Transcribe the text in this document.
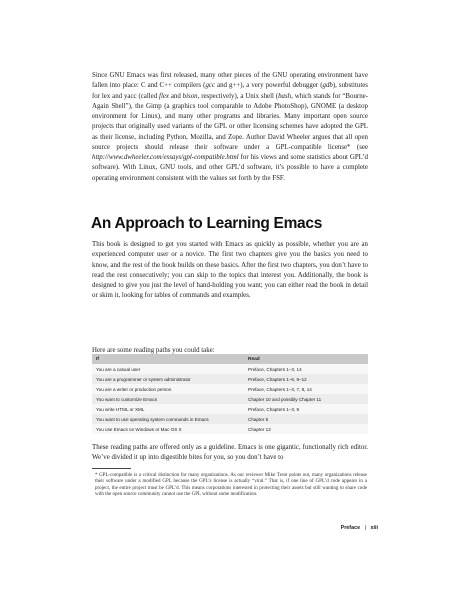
Since GNU Emacs was first released, many other pieces of the GNU operating environment have fallen into place: C and C++ compilers (gcc and g++), a very powerful debugger (gdb), substitutes for lex and yacc (called flex and bison, respectively), a Unix shell (bash, which stands for “Bourne-Again Shell”), the Gimp (a graphics tool comparable to Adobe PhotoShop), GNOME (a desktop environment for Linux), and many other programs and libraries. Many important open source projects that originally used variants of the GPL or other licensing schemes have adopted the GPL as their license, including Python, Mozilla, and Zope. Author David Wheeler argues that all open source projects should release their software under a GPL-compatible license* (see http://www.dwheeler.com/essays/gpl-compatible.html for his views and some statistics about GPL’d software). With Linux, GNU tools, and other GPL’d software, it’s possible to have a complete operating environment consistent with the values set forth by the FSF.

An Approach to Learning Emacs

This book is designed to get you started with Emacs as quickly as possible, whether you are an experienced computer user or a novice. The first two chapters give you the basics you need to know, and the rest of the book builds on these basics. After the first two chapters, you don’t have to read the rest consecutively; you can skip to the topics that interest you. Additionally, the book is designed to give you just the level of hand-holding you want; you can either read the book in detail or skim it, looking for tables of commands and examples.

Here are some reading paths you could take:

If	Read
You are a casual user	Preface, Chapters 1–3, 14
You are a programmer or system administrator	Preface, Chapters 1–5, 9–12
You are a writer or production person	Preface, Chapters 1–3, 7, 8, 14
You want to customize Emacs	Chapter 10 and possibly Chapter 11
You write HTML or XML	Preface, Chapters 1–3, 9
You want to use operating system commands in Emacs	Chapter 5
You use Emacs on Windows or Mac OS X	Chapter 13

These reading paths are offered only as a guideline. Emacs is one gigantic, functionally rich editor. We’ve divided it up into digestible bites for you, so you don’t have to

* GPL-compatible is a critical distinction for many organizations. As our reviewer Mike Trent points out, many organizations release their software under a modified GPL because the GPL’s license is actually “viral.” That is, if one line of GPL’d code appears in a project, the entire project must be GPL’d. This means corporations interested in protecting their assets but still wanting to share code with the open source community cannot use the GPL without some modification.

Preface | xiii
